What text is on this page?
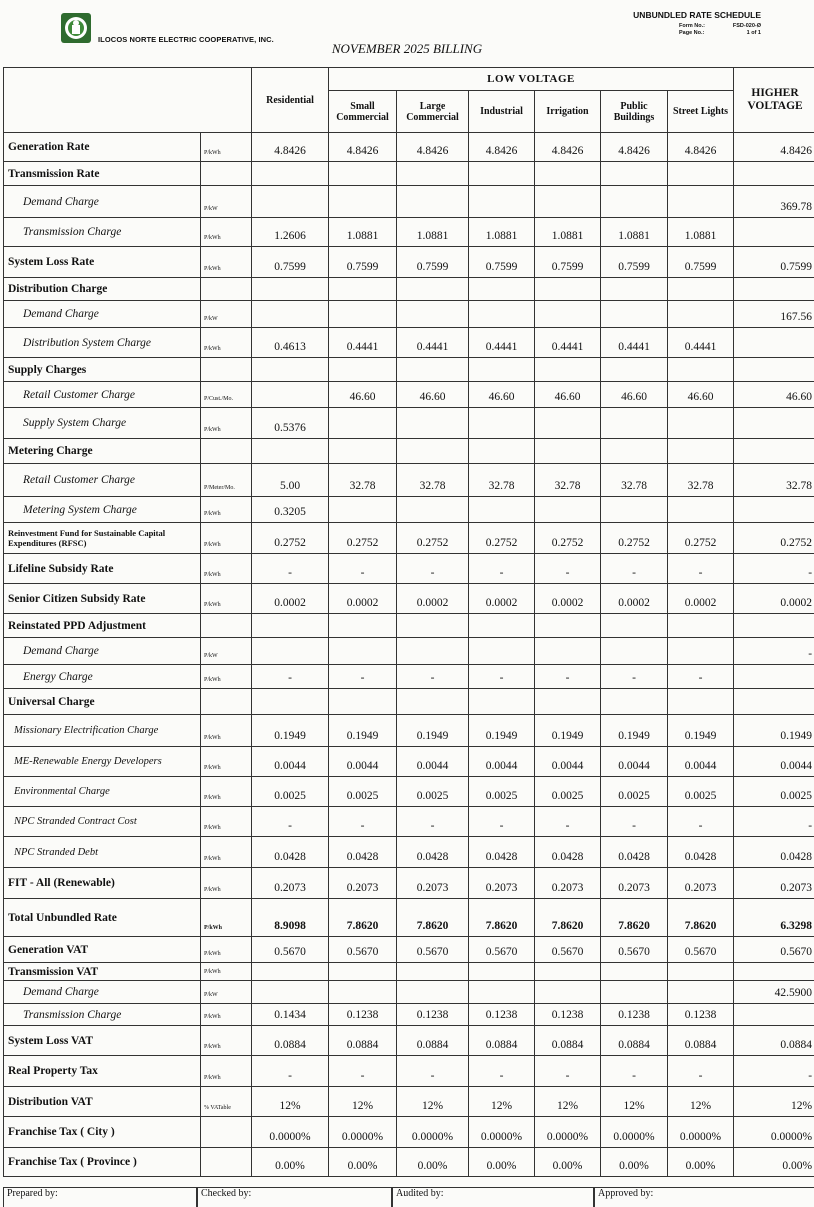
ILOCOS NORTE ELECTRIC COOPERATIVE, INC.
NOVEMBER 2025 BILLING
UNBUNDLED RATE SCHEDULE
Form No.:	FSD-020-Ø
Page No.:	1 of 1
		Residential	LOW VOLTAGE						HIGHER VOLTAGE
			Small Commercial	Large Commercial	Industrial	Irrigation	Public Buildings	Street Lights	
Generation Rate	P/kWh	4.8426	4.8426	4.8426	4.8426	4.8426	4.8426	4.8426	4.8426
Transmission Rate									
Demand Charge	P/kW								369.78
Transmission Charge	P/kWh	1.2606	1.0881	1.0881	1.0881	1.0881	1.0881	1.0881	
System Loss Rate	P/kWh	0.7599	0.7599	0.7599	0.7599	0.7599	0.7599	0.7599	0.7599
Distribution Charge									
Demand Charge	P/kW								167.56
Distribution System Charge	P/kWh	0.4613	0.4441	0.4441	0.4441	0.4441	0.4441	0.4441	
Supply Charges									
Retail Customer Charge	P/Cust./Mo.		46.60	46.60	46.60	46.60	46.60	46.60	46.60
Supply System Charge	P/kWh	0.5376							
Metering Charge									
Retail Customer Charge	P/Meter/Mo.	5.00	32.78	32.78	32.78	32.78	32.78	32.78	32.78
Metering System Charge	P/kWh	0.3205							
Reinvestment Fund for Sustainable Capital Expenditures (RFSC)	P/kWh	0.2752	0.2752	0.2752	0.2752	0.2752	0.2752	0.2752	0.2752
Lifeline Subsidy Rate	P/kWh	-	-	-	-	-	-	-	-
Senior Citizen Subsidy Rate	P/kWh	0.0002	0.0002	0.0002	0.0002	0.0002	0.0002	0.0002	0.0002
Reinstated PPD Adjustment									
Demand Charge	P/kW								-
Energy Charge	P/kWh	-	-	-	-	-	-	-	
Universal Charge									
Missionary Electrification Charge	P/kWh	0.1949	0.1949	0.1949	0.1949	0.1949	0.1949	0.1949	0.1949
ME-Renewable Energy Developers	P/kWh	0.0044	0.0044	0.0044	0.0044	0.0044	0.0044	0.0044	0.0044
Environmental Charge	P/kWh	0.0025	0.0025	0.0025	0.0025	0.0025	0.0025	0.0025	0.0025
NPC Stranded Contract Cost	P/kWh	-	-	-	-	-	-	-	-
NPC Stranded Debt	P/kWh	0.0428	0.0428	0.0428	0.0428	0.0428	0.0428	0.0428	0.0428
FIT - All (Renewable)	P/kWh	0.2073	0.2073	0.2073	0.2073	0.2073	0.2073	0.2073	0.2073
Total Unbundled Rate	P/kWh	8.9098	7.8620	7.8620	7.8620	7.8620	7.8620	7.8620	6.3298
Generation VAT	P/kWh	0.5670	0.5670	0.5670	0.5670	0.5670	0.5670	0.5670	0.5670
Transmission VAT	P/kWh								
Demand Charge	P/kW								42.5900
Transmission Charge	P/kWh	0.1434	0.1238	0.1238	0.1238	0.1238	0.1238	0.1238	
System Loss VAT	P/kWh	0.0884	0.0884	0.0884	0.0884	0.0884	0.0884	0.0884	0.0884
Real Property Tax	P/kWh	-	-	-	-	-	-	-	-
Distribution VAT	% VATable	12%	12%	12%	12%	12%	12%	12%	12%
Franchise Tax ( City )		0.0000%	0.0000%	0.0000%	0.0000%	0.0000%	0.0000%	0.0000%	0.0000%
Franchise Tax ( Province )		0.00%	0.00%	0.00%	0.00%	0.00%	0.00%	0.00%	0.00%
Prepared by:	Checked by:	Audited by:	Approved by:
